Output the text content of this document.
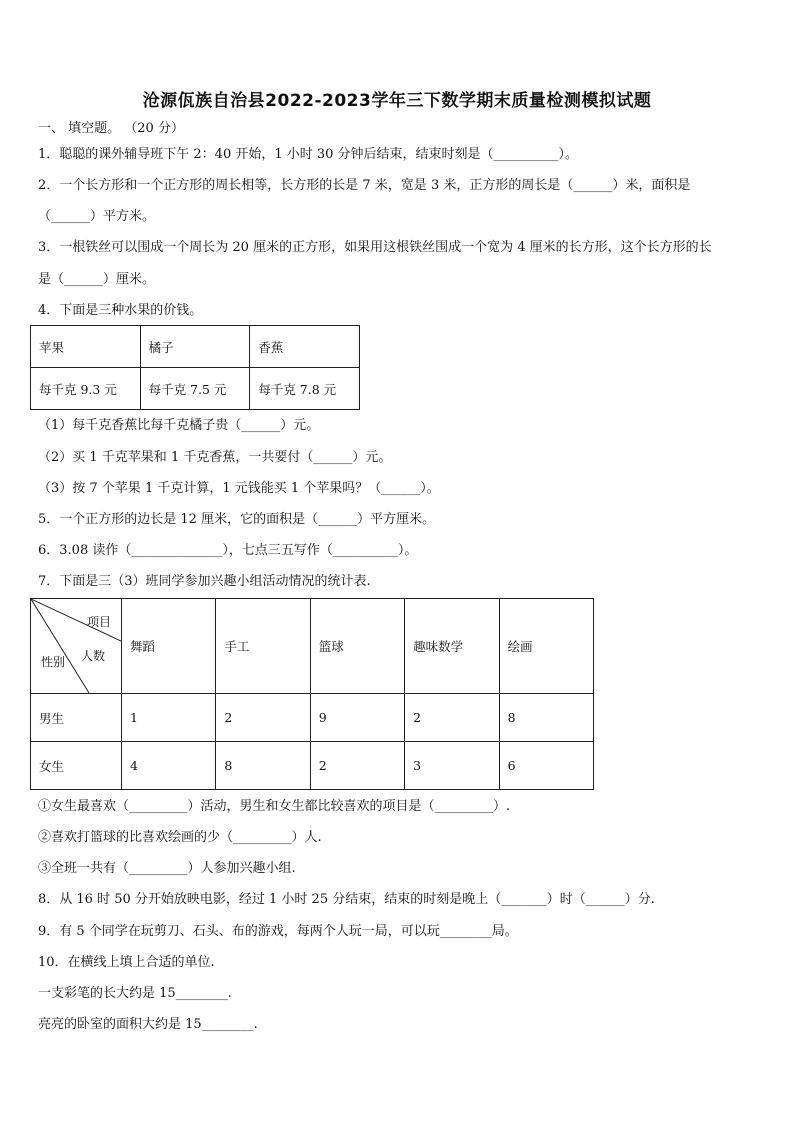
沧源佤族自治县2022-2023学年三下数学期末质量检测模拟试题
一、 填空题。 （20 分）
1．聪聪的课外辅导班下午 2：40 开始，1 小时 30 分钟后结束，结束时刻是（__________）。
2．一个长方形和一个正方形的周长相等，长方形的长是 7 米，宽是 3 米，正方形的周长是（______）米，面积是
（______）平方米。
3．一根铁丝可以围成一个周长为 20 厘米的正方形，如果用这根铁丝围成一个宽为 4 厘米的长方形，这个长方形的长
是（______）厘米。
4．下面是三种水果的价钱。
苹果	橘子	香蕉
每千克 9.3 元	每千克 7.5 元	每千克 7.8 元
（1）每千克香蕉比每千克橘子贵（______）元。
（2）买 1 千克苹果和 1 千克香蕉，一共要付（______）元。
（3）按 7 个苹果 1 千克计算，1 元钱能买 1 个苹果吗？（______）。
5．一个正方形的边长是 12 厘米，它的面积是（______）平方厘米。
6．3.08 读作（______________），七点三五写作（__________）。
7．下面是三（3）班同学参加兴趣小组活动情况的统计表.
项目
人数
性别	舞蹈	手工	篮球	趣味数学	绘画
男生	1	2	9	2	8
女生	4	8	2	3	6
①女生最喜欢（_________）活动，男生和女生都比较喜欢的项目是（_________）.
②喜欢打篮球的比喜欢绘画的少（_________）人.
③全班一共有（_________）人参加兴趣小组.
8．从 16 时 50 分开始放映电影，经过 1 小时 25 分结束，结束的时刻是晚上（_______）时（______）分.
9．有 5 个同学在玩剪刀、石头、布的游戏，每两个人玩一局，可以玩________局。
10．在横线上填上合适的单位.
一支彩笔的长大约是 15________.
亮亮的卧室的面积大约是 15________.
